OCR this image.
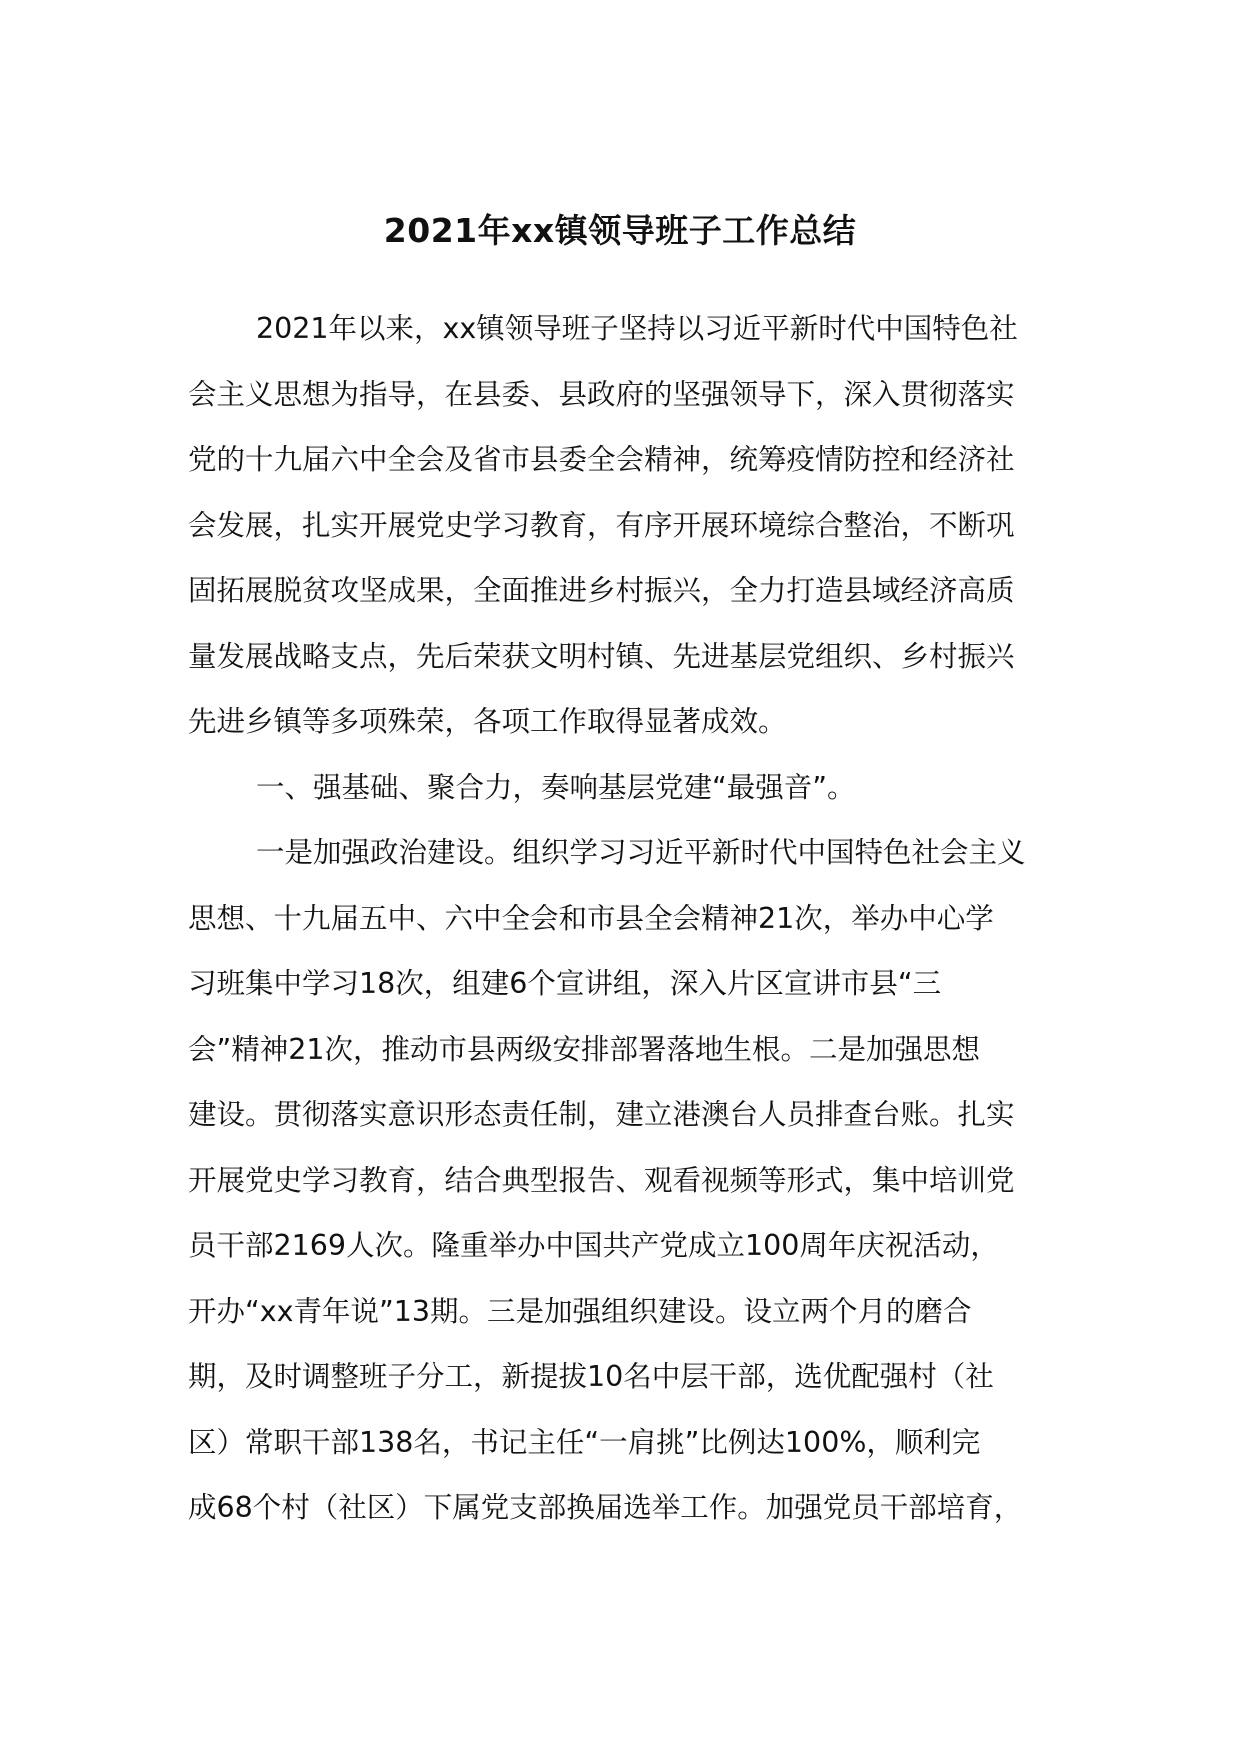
2021年xx镇领导班子工作总结
2021年以来，xx镇领导班子坚持以习近平新时代中国特色社
会主义思想为指导，在县委、县政府的坚强领导下，深入贯彻落实
党的十九届六中全会及省市县委全会精神，统筹疫情防控和经济社
会发展，扎实开展党史学习教育，有序开展环境综合整治，不断巩
固拓展脱贫攻坚成果，全面推进乡村振兴，全力打造县域经济高质
量发展战略支点，先后荣获文明村镇、先进基层党组织、乡村振兴
先进乡镇等多项殊荣，各项工作取得显著成效。
一、强基础、聚合力，奏响基层党建“最强音”。
一是加强政治建设。组织学习习近平新时代中国特色社会主义
思想、十九届五中、六中全会和市县全会精神21次，举办中心学
习班集中学习18次，组建6个宣讲组，深入片区宣讲市县“三
会”精神21次，推动市县两级安排部署落地生根。二是加强思想
建设。贯彻落实意识形态责任制，建立港澳台人员排查台账。扎实
开展党史学习教育，结合典型报告、观看视频等形式，集中培训党
员干部2169人次。隆重举办中国共产党成立100周年庆祝活动，
开办“xx青年说”13期。三是加强组织建设。设立两个月的磨合
期，及时调整班子分工，新提拔10名中层干部，选优配强村（社
区）常职干部138名，书记主任“一肩挑”比例达100%，顺利完
成68个村（社区）下属党支部换届选举工作。加强党员干部培育，
